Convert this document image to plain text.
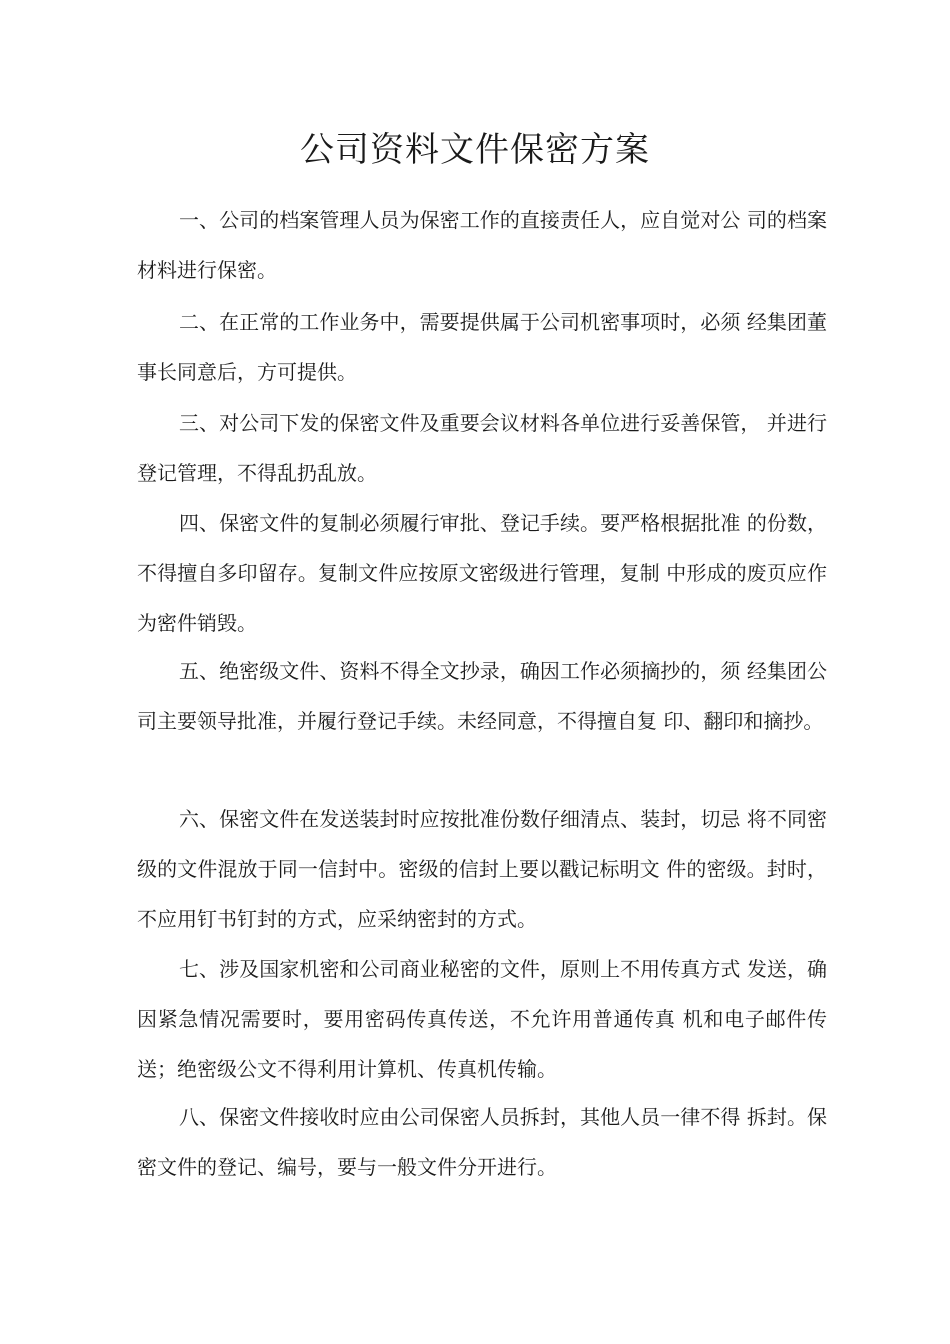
公司资料文件保密方案

一、公司的档案管理人员为保密工作的直接责任人，应自觉对公 司的档案材料进行保密。

二、在正常的工作业务中，需要提供属于公司机密事项时，必须 经集团董事长同意后，方可提供。

三、对公司下发的保密文件及重要会议材料各单位进行妥善保管， 并进行登记管理，不得乱扔乱放。

四、保密文件的复制必须履行审批、登记手续。要严格根据批准 的份数，不得擅自多印留存。复制文件应按原文密级进行管理，复制 中形成的废页应作为密件销毁。

五、绝密级文件、资料不得全文抄录，确因工作必须摘抄的，须 经集团公司主要领导批准，并履行登记手续。未经同意，不得擅自复 印、翻印和摘抄。

六、保密文件在发送装封时应按批准份数仔细清点、装封，切忌 将不同密级的文件混放于同一信封中。密级的信封上要以戳记标明文 件的密级。封时，不应用钉书钉封的方式，应采纳密封的方式。

七、涉及国家机密和公司商业秘密的文件，原则上不用传真方式 发送，确因紧急情况需要时，要用密码传真传送，不允许用普通传真 机和电子邮件传送；绝密级公文不得利用计算机、传真机传输。

八、保密文件接收时应由公司保密人员拆封，其他人员一律不得 拆封。保密文件的登记、编号，要与一般文件分开进行。
